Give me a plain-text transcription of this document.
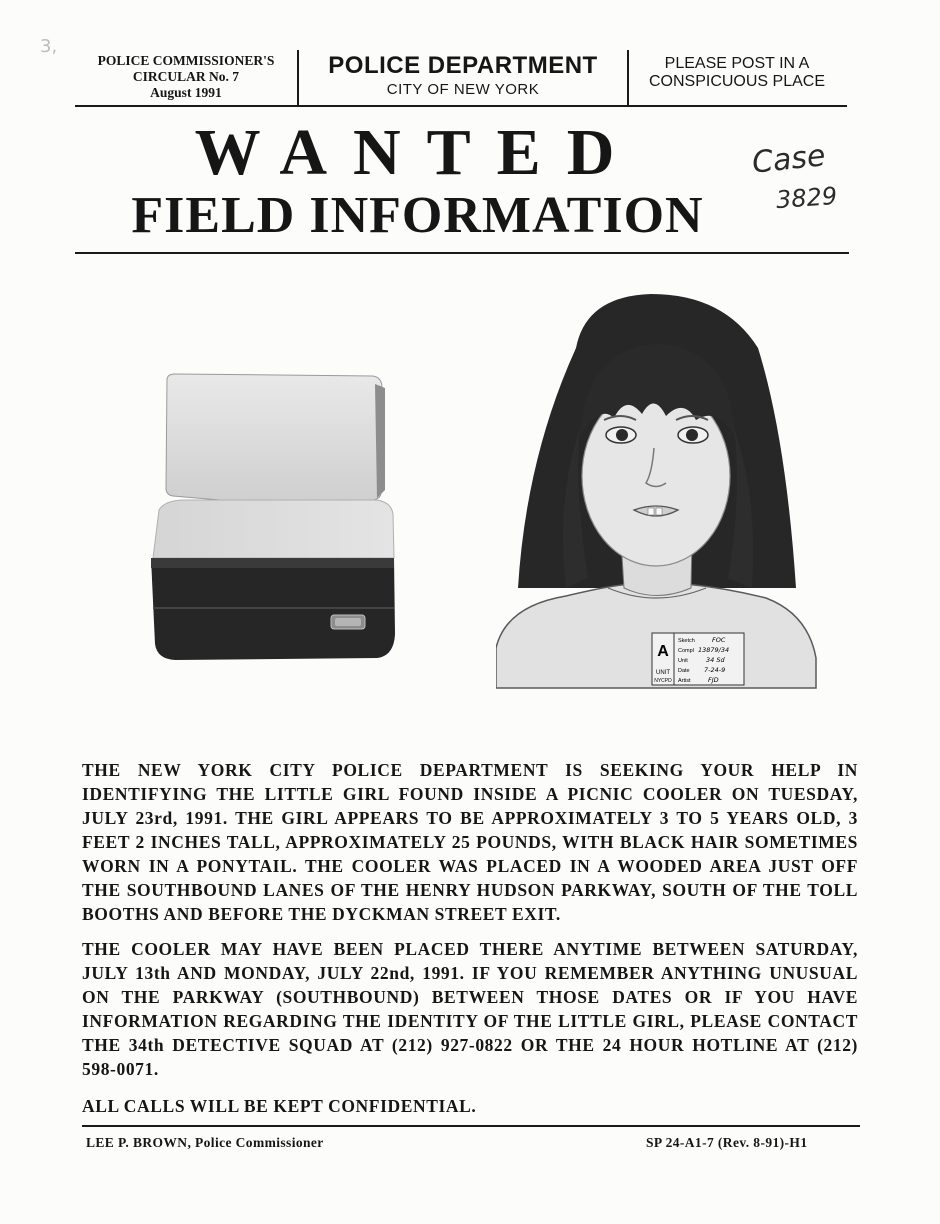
3,
POLICE COMMISSIONER'S
CIRCULAR No. 7
August 1991
POLICE DEPARTMENT
CITY OF NEW YORK
PLEASE POST IN A
CONSPICUOUS PLACE
WANTED
FIELD INFORMATION
Case
3829
A
UNIT
NYCPD
Sketch	FOC
Compl 13879/34
Unit	34 Sd
Date 7-24-9
Artist	FJD
THE NEW YORK CITY POLICE DEPARTMENT IS SEEKING YOUR HELP IN IDENTIFYING THE LITTLE GIRL FOUND INSIDE A PICNIC COOLER ON TUESDAY, JULY 23rd, 1991. THE GIRL APPEARS TO BE APPROXIMATELY 3 TO 5 YEARS OLD, 3 FEET 2 INCHES TALL, APPROXIMATELY 25 POUNDS, WITH BLACK HAIR SOMETIMES WORN IN A PONYTAIL. THE COOLER WAS PLACED IN A WOODED AREA JUST OFF THE SOUTHBOUND LANES OF THE HENRY HUDSON PARKWAY, SOUTH OF THE TOLL BOOTHS AND BEFORE THE DYCKMAN STREET EXIT.
THE COOLER MAY HAVE BEEN PLACED THERE ANYTIME BETWEEN SATURDAY, JULY 13th AND MONDAY, JULY 22nd, 1991. IF YOU REMEMBER ANYTHING UNUSUAL ON THE PARKWAY (SOUTHBOUND) BETWEEN THOSE DATES OR IF YOU HAVE INFORMATION REGARDING THE IDENTITY OF THE LITTLE GIRL, PLEASE CONTACT THE 34th DETECTIVE SQUAD AT (212) 927-0822 OR THE 24 HOUR HOTLINE AT (212) 598-0071.
ALL CALLS WILL BE KEPT CONFIDENTIAL.
LEE P. BROWN, Police Commissioner	SP 24-A1-7 (Rev. 8-91)-H1
